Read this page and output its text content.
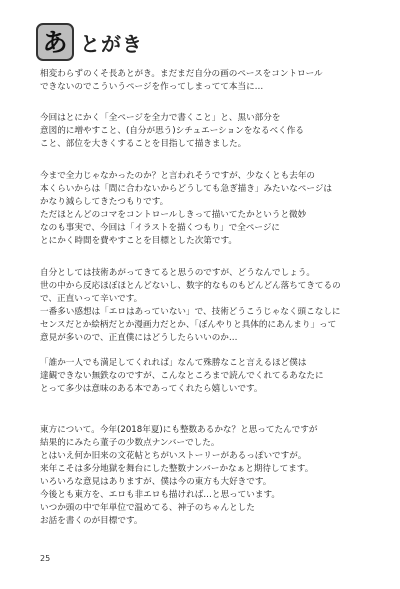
あ とがき
相変わらずのくそ長あとがき。まだまだ自分の画のペースをコントロール
できないのでこういうページを作ってしまってて本当に…
今回はとにかく「全ページを全力で書くこと」と、黒い部分を
意図的に増やすこと、(自分が思う)シチュエーションをなるべく作る
こと、部位を大きくすることを目指して描きました。
今まで全力じゃなかったのか？と言われそうですが、少なくとも去年の
本くらいからは「間に合わないからどうしても急ぎ描き」みたいなページは
かなり減らしてきたつもりです。
ただほとんどのコマをコントロールしきって描いてたかというと微妙
なのも事実で、今回は「イラストを描くつもり」で全ページに
とにかく時間を費やすことを目標とした次第です。
自分としては技術あがってきてると思うのですが、どうなんでしょう。
世の中から反応ほぼほとんどないし、数字的なものもどんどん落ちてきてるの
で、正直いって辛いです。
一番多い感想は「エロはあっていない」で、技術どうこうじゃなく頭こなしに
センスだとか絵柄だとか漫画力だとか、「ぼんやりと具体的にあんまり」って
意見が多いので、正直僕にはどうしたらいいのか…
「誰か一人でも満足してくれれば」なんて殊勝なこと言えるほど僕は
達観できない無鉄なのですが、こんなところまで読んでくれてるあなたに
とって多少は意味のある本であってくれたら嬉しいです。
東方について。今年(2018年夏)にも整数あるかな？と思ってたんですが
結果的にみたら董子の少数点ナンバーでした。
とはいえ何か旧来の文花帖とちがいストーリーがあるっぽいですが。
来年こそは多分地獄を舞台にした整数ナンバーかなぁと期待してます。
いろいろな意見はありますが、僕は今の東方も大好きです。
今後とも東方を、エロも非エロも描ければ…と思っています。
いつか頭の中で年単位で温めてる、神子のちゃんとした
お話を書くのが目標です。
25
